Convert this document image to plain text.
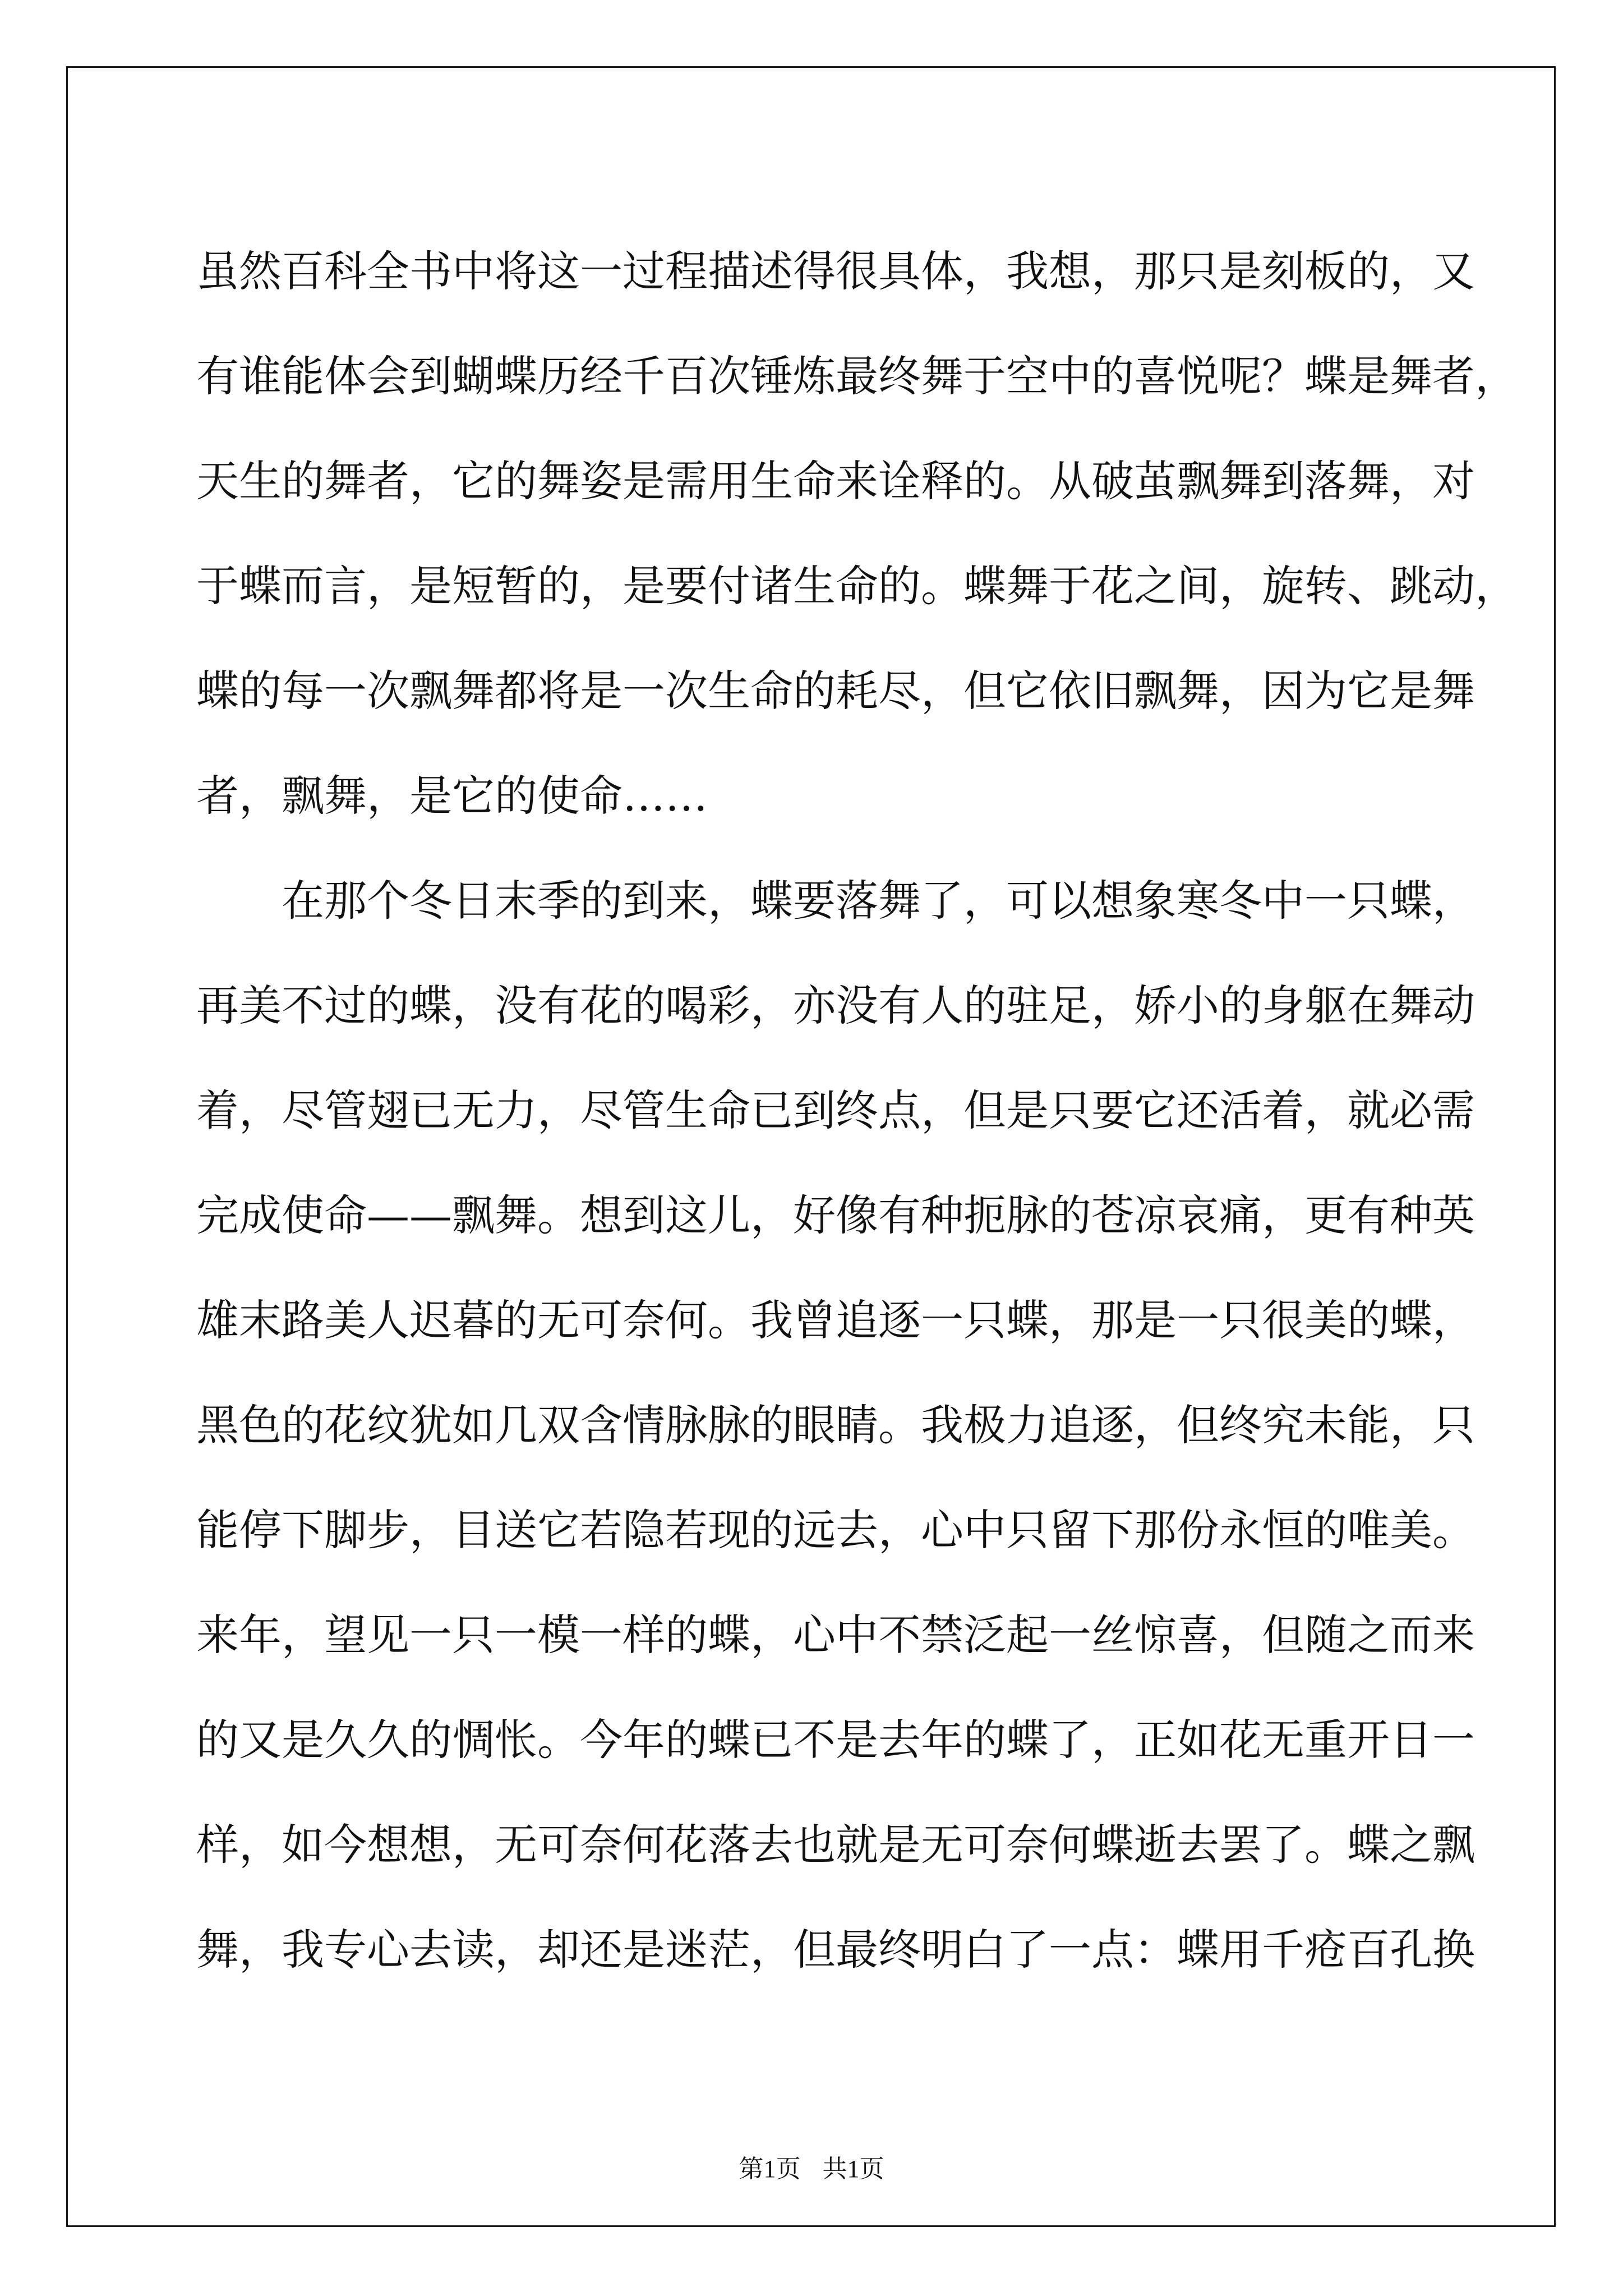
虽然百科全书中将这一过程描述得很具体，我想，那只是刻板的，又
有谁能体会到蝴蝶历经千百次锤炼最终舞于空中的喜悦呢？蝶是舞者，
天生的舞者，它的舞姿是需用生命来诠释的。从破茧飘舞到落舞，对
于蝶而言，是短暂的，是要付诸生命的。蝶舞于花之间，旋转、跳动，
蝶的每一次飘舞都将是一次生命的耗尽，但它依旧飘舞，因为它是舞
者，飘舞，是它的使命……
在那个冬日末季的到来，蝶要落舞了，可以想象寒冬中一只蝶，
再美不过的蝶，没有花的喝彩，亦没有人的驻足，娇小的身躯在舞动
着，尽管翅已无力，尽管生命已到终点，但是只要它还活着，就必需
完成使命——飘舞。想到这儿，好像有种扼脉的苍凉哀痛，更有种英
雄末路美人迟暮的无可奈何。我曾追逐一只蝶，那是一只很美的蝶，
黑色的花纹犹如几双含情脉脉的眼睛。我极力追逐，但终究未能，只
能停下脚步，目送它若隐若现的远去，心中只留下那份永恒的唯美。
来年，望见一只一模一样的蝶，心中不禁泛起一丝惊喜，但随之而来
的又是久久的惆怅。今年的蝶已不是去年的蝶了，正如花无重开日一
样，如今想想，无可奈何花落去也就是无可奈何蝶逝去罢了。蝶之飘
舞，我专心去读，却还是迷茫，但最终明白了一点：蝶用千疮百孔换
第1页 共1页
